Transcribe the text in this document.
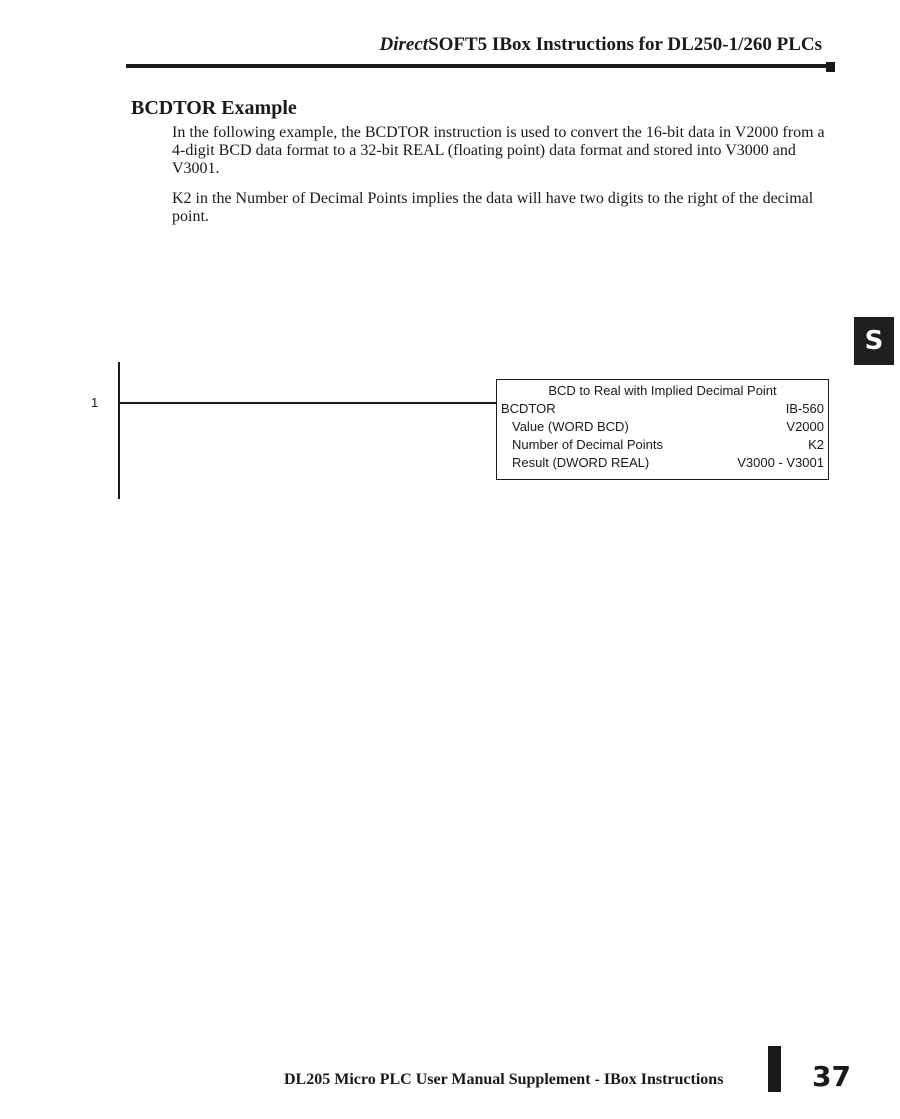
DirectSOFT5 IBox Instructions for DL250-1/260 PLCs
BCDTOR Example

In the following example, the BCDTOR instruction is used to convert the 16-bit data in V2000 from a 4-digit BCD data format to a 32-bit REAL (floating point) data format and stored into V3000 and V3001.

K2 in the Number of Decimal Points implies the data will have two digits to the right of the decimal point.

S
1
BCD to Real with Implied Decimal Point
BCDTOR	IB-560
Value (WORD BCD)	V2000
Number of Decimal Points	K2
Result (DWORD REAL)	V3000 - V3001
DL205 Micro PLC User Manual Supplement - IBox Instructions	37
